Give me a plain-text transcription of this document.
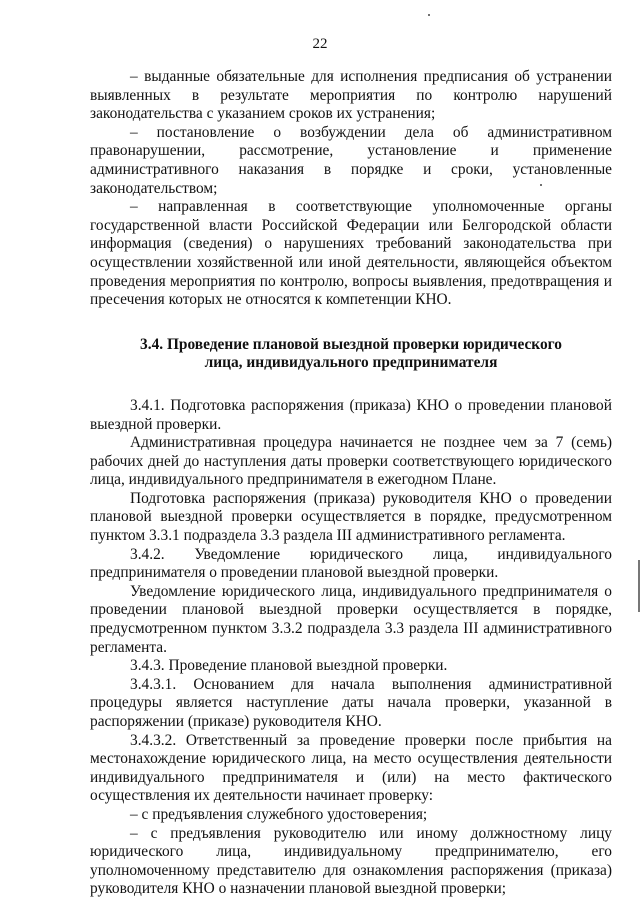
22

– выданные обязательные для исполнения предписания об устранении выявленных в результате мероприятия по контролю нарушений законодательства с указанием сроков их устранения;

– постановление о возбуждении дела об административном правонарушении, рассмотрение, установление и применение административного наказания в порядке и сроки, установленные законодательством;

– направленная в соответствующие уполномоченные органы государственной власти Российской Федерации или Белгородской области информация (сведения) о нарушениях требований законодательства при осуществлении хозяйственной или иной деятельности, являющейся объектом проведения мероприятия по контролю, вопросы выявления, предотвращения и пресечения которых не относятся к компетенции КНО.

3.4. Проведение плановой выездной проверки юридического
лица, индивидуального предпринимателя

3.4.1. Подготовка распоряжения (приказа) КНО о проведении плановой выездной проверки.

Административная процедура начинается не позднее чем за 7 (семь) рабочих дней до наступления даты проверки соответствующего юридического лица, индивидуального предпринимателя в ежегодном Плане.

Подготовка распоряжения (приказа) руководителя КНО о проведении плановой выездной проверки осуществляется в порядке, предусмотренном пунктом 3.3.1 подраздела 3.3 раздела III административного регламента.

3.4.2. Уведомление юридического лица, индивидуального предпринимателя о проведении плановой выездной проверки.

Уведомление юридического лица, индивидуального предпринимателя о проведении плановой выездной проверки осуществляется в порядке, предусмотренном пунктом 3.3.2 подраздела 3.3 раздела III административного регламента.

3.4.3. Проведение плановой выездной проверки.

3.4.3.1. Основанием для начала выполнения административной процедуры является наступление даты начала проверки, указанной в распоряжении (приказе) руководителя КНО.

3.4.3.2. Ответственный за проведение проверки после прибытия на местонахождение юридического лица, на место осуществления деятельности индивидуального предпринимателя и (или) на место фактического осуществления их деятельности начинает проверку:

– с предъявления служебного удостоверения;

– с предъявления руководителю или иному должностному лицу юридического лица, индивидуальному предпринимателю, его уполномоченному представителю для ознакомления распоряжения (приказа) руководителя КНО о назначении плановой выездной проверки;
